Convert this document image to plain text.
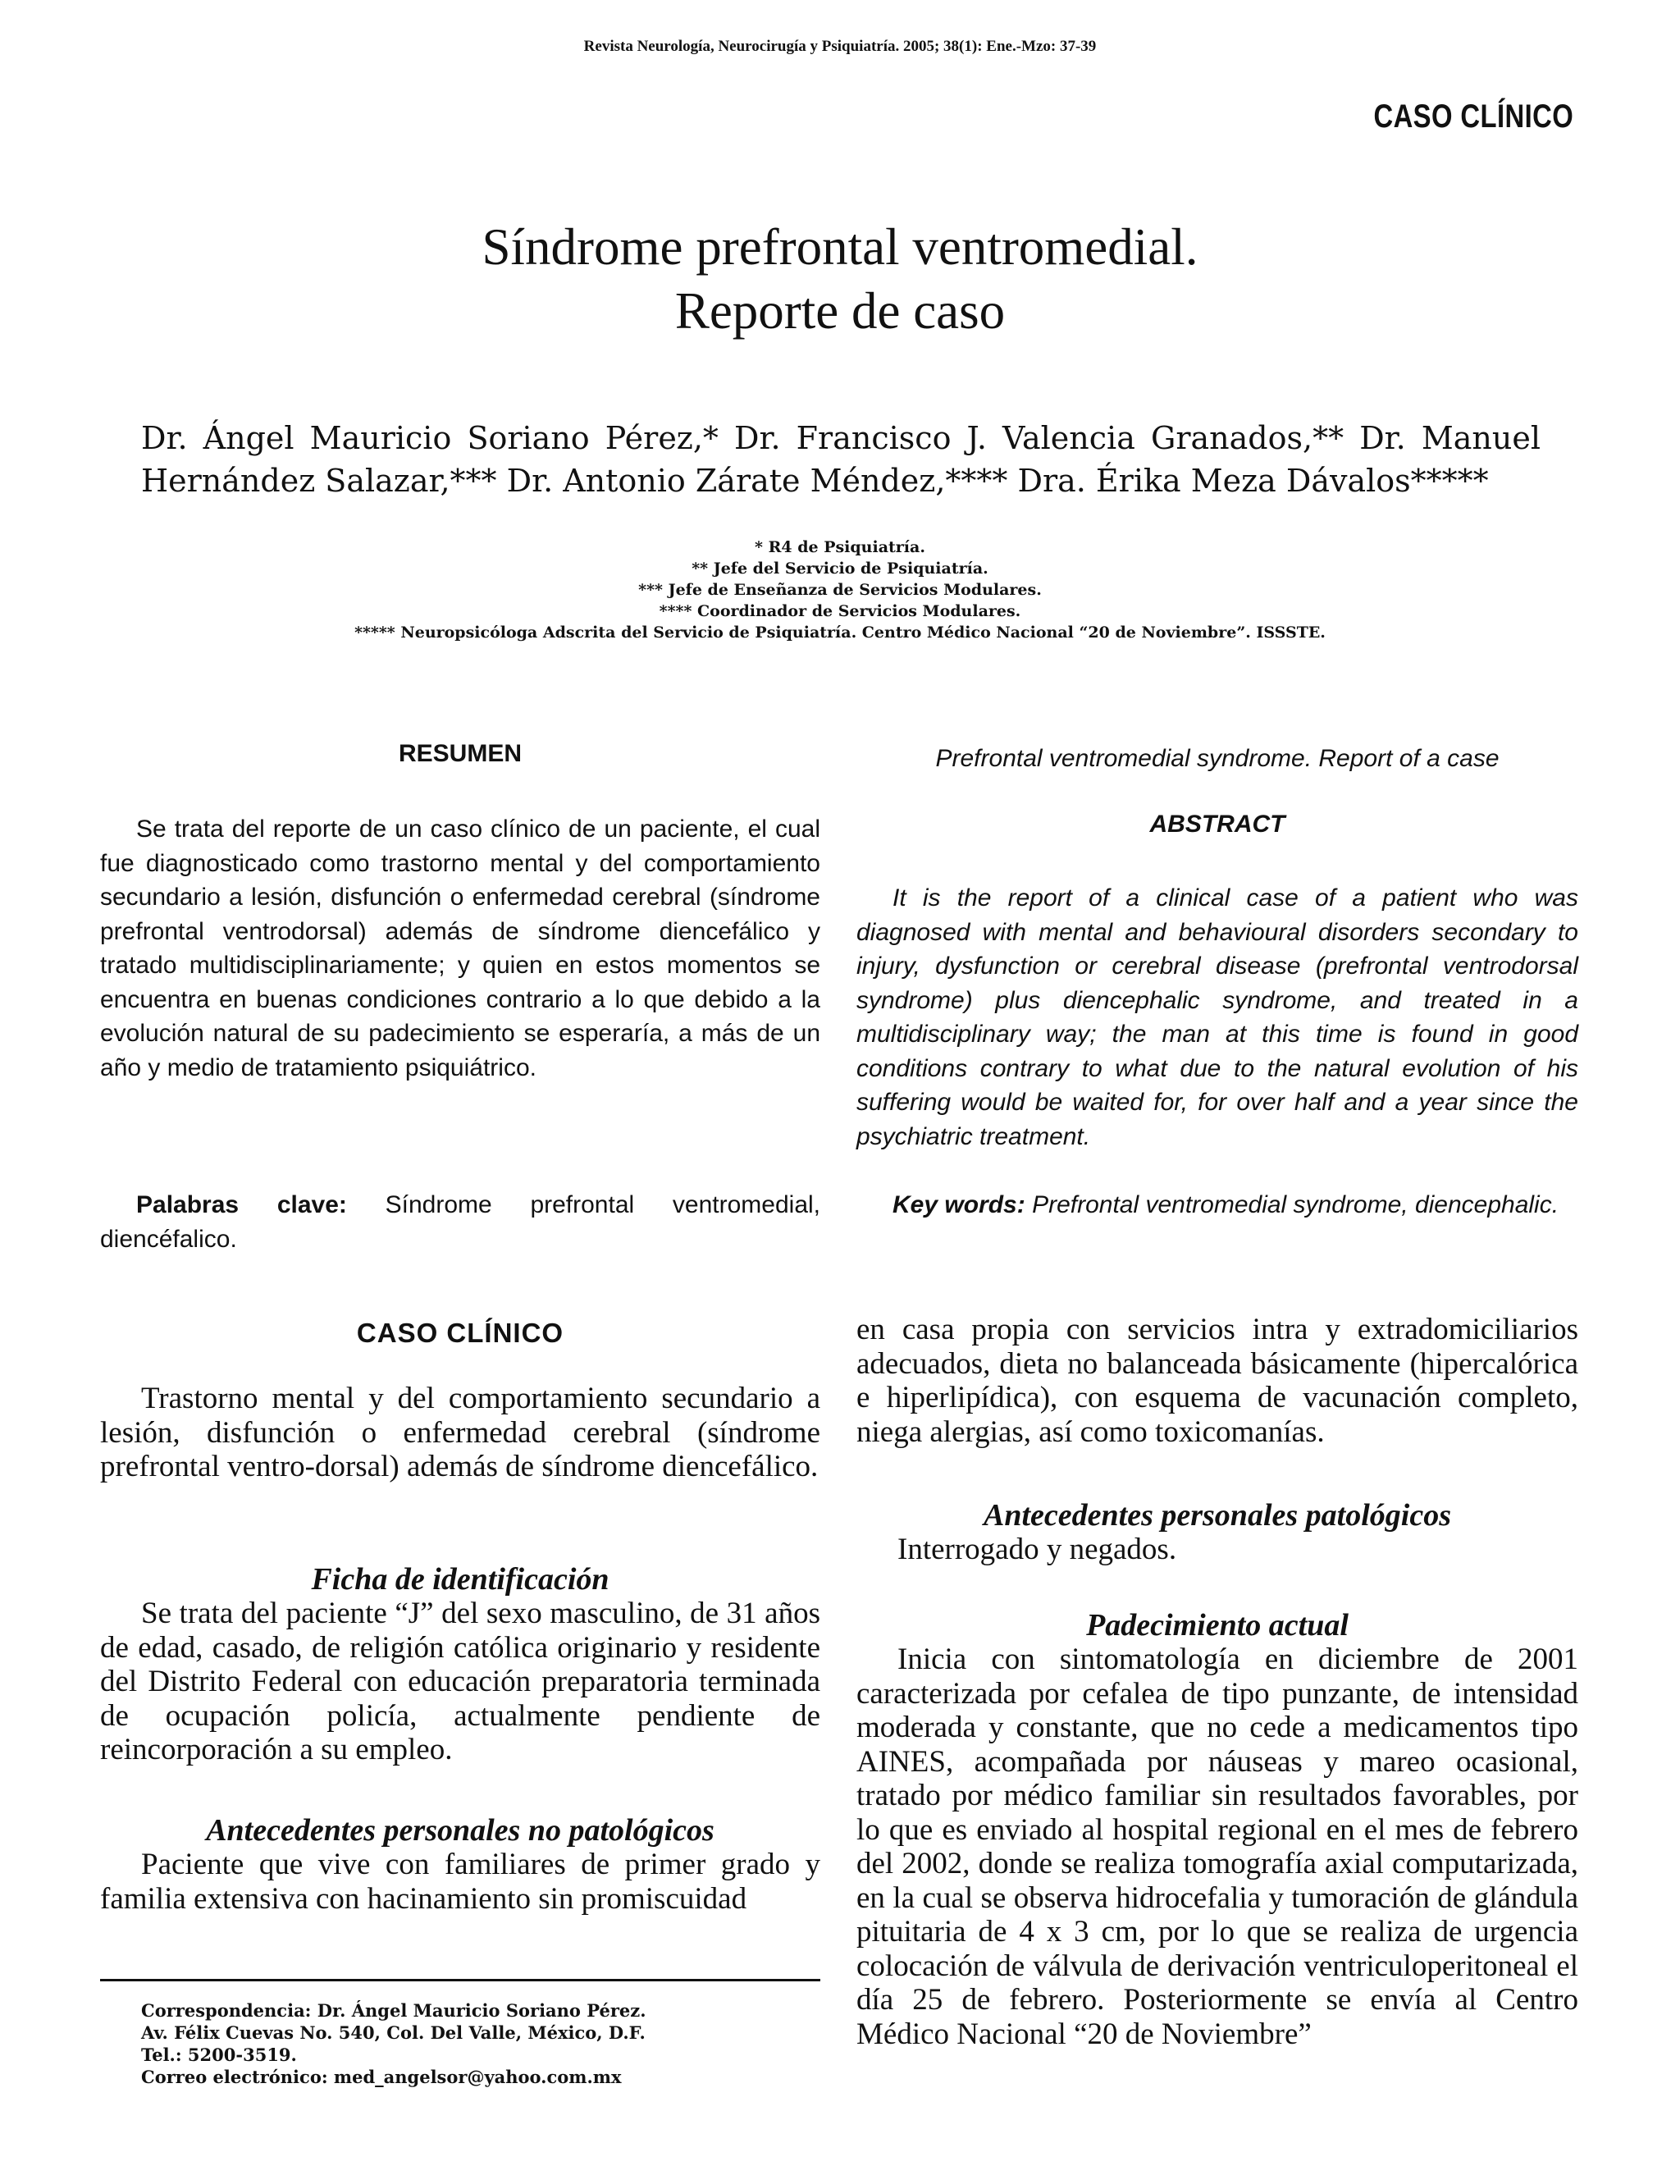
Revista Neurología, Neurocirugía y Psiquiatría. 2005; 38(1): Ene.-Mzo: 37-39
CASO CLÍNICO
Síndrome prefrontal ventromedial.
Reporte de caso
Dr. Ángel Mauricio Soriano Pérez,* Dr. Francisco J. Valencia Granados,** Dr. Manuel Hernández Salazar,*** Dr. Antonio Zárate Méndez,**** Dra. Érika Meza Dávalos*****
* R4 de Psiquiatría.
** Jefe del Servicio de Psiquiatría.
*** Jefe de Enseñanza de Servicios Modulares.
**** Coordinador de Servicios Modulares.
***** Neuropsicóloga Adscrita del Servicio de Psiquiatría. Centro Médico Nacional “20 de Noviembre”. ISSSTE.
RESUMEN

Se trata del reporte de un caso clínico de un paciente, el cual fue diagnosticado como trastorno mental y del comportamiento secundario a lesión, disfunción o enfermedad cerebral (síndrome prefrontal ventrodorsal) además de síndrome diencefálico y tratado multidisciplinariamente; y quien en estos momentos se encuentra en buenas condiciones contrario a lo que debido a la evolución natural de su padecimiento se esperaría, a más de un año y medio de tratamiento psiquiátrico.

Palabras clave: Síndrome prefrontal ventromedial, diencéfalico.

Prefrontal ventromedial syndrome. Report of a case
ABSTRACT

It is the report of a clinical case of a patient who was diagnosed with mental and behavioural disorders secondary to injury, dysfunction or cerebral disease (prefrontal ventrodorsal syndrome) plus diencephalic syndrome, and treated in a multidisciplinary way; the man at this time is found in good conditions contrary to what due to the natural evolution of his suffering would be waited for, for over half and a year since the psychiatric treatment.

Key words: Prefrontal ventromedial syndrome, diencephalic.

CASO CLÍNICO

Trastorno mental y del comportamiento secundario a lesión, disfunción o enfermedad cerebral (síndrome prefrontal ventro-dorsal) además de síndrome diencefálico.

Ficha de identificación

Se trata del paciente “J” del sexo masculino, de 31 años de edad, casado, de religión católica originario y residente del Distrito Federal con educación preparatoria terminada de ocupación policía, actualmente pendiente de reincorporación a su empleo.

Antecedentes personales no patológicos

Paciente que vive con familiares de primer grado y familia extensiva con hacinamiento sin promiscuidad

Correspondencia: Dr. Ángel Mauricio Soriano Pérez.
Av. Félix Cuevas No. 540, Col. Del Valle, México, D.F.
Tel.: 5200-3519.
Correo electrónico: med_angelsor@yahoo.com.mx

en casa propia con servicios intra y extradomiciliarios adecuados, dieta no balanceada básicamente (hipercalórica e hiperlipídica), con esquema de vacunación completo, niega alergias, así como toxicomanías.

Antecedentes personales patológicos

Interrogado y negados.

Padecimiento actual

Inicia con sintomatología en diciembre de 2001 caracterizada por cefalea de tipo punzante, de intensidad moderada y constante, que no cede a medicamentos tipo AINES, acompañada por náuseas y mareo ocasional, tratado por médico familiar sin resultados favorables, por lo que es enviado al hospital regional en el mes de febrero del 2002, donde se realiza tomografía axial computarizada, en la cual se observa hidrocefalia y tumoración de glándula pituitaria de 4 x 3 cm, por lo que se realiza de urgencia colocación de válvula de derivación ventriculoperitoneal el día 25 de febrero. Posteriormente se envía al Centro Médico Nacional “20 de Noviembre”
